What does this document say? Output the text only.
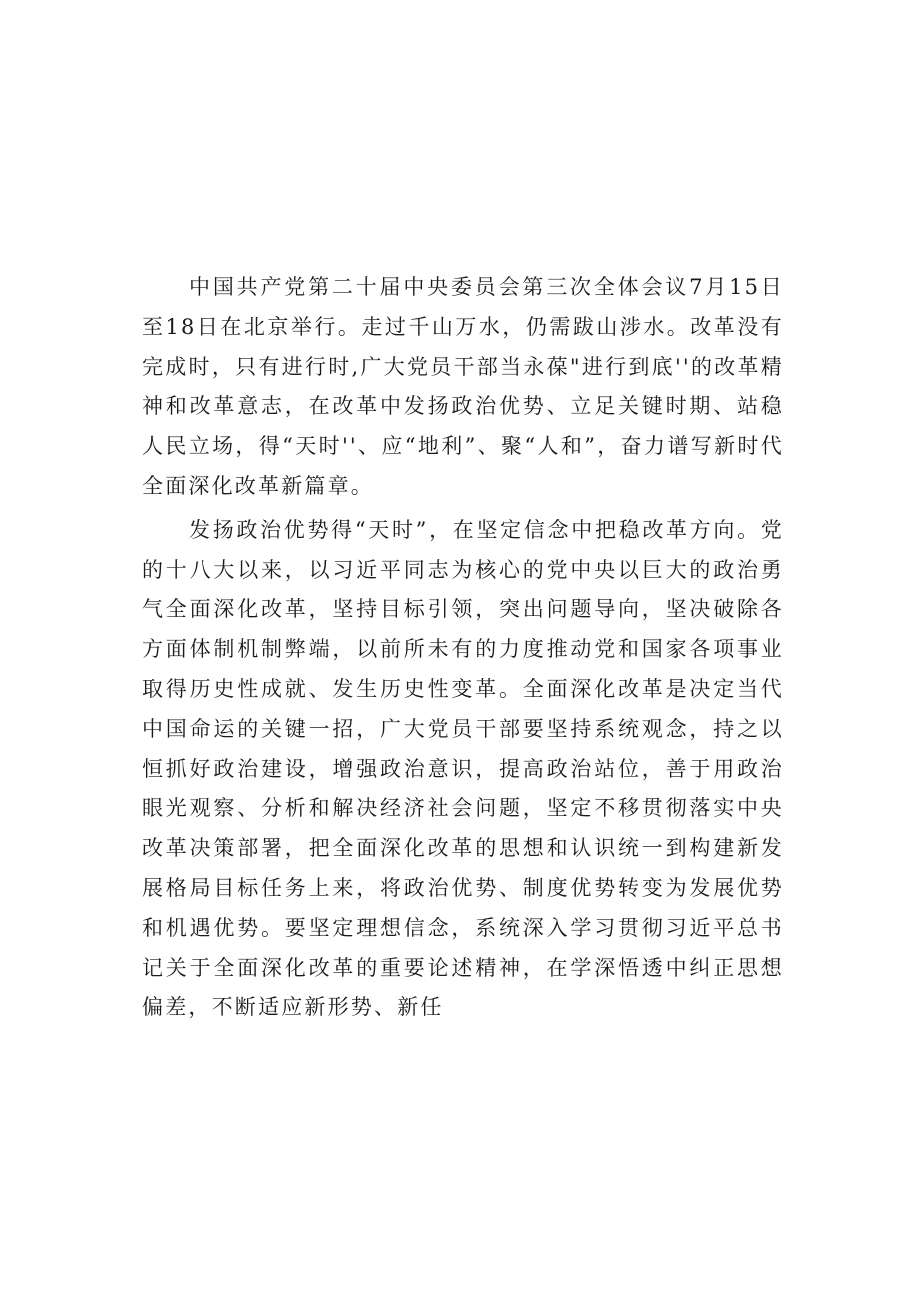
中国共产党第二十届中央委员会第三次全体会议7月15日至18日在北京举行。走过千山万水，仍需跋山涉水。改革没有完成时，只有进行时,广大党员干部当永葆"进行到底''的改革精神和改革意志，在改革中发扬政治优势、立足关键时期、站稳人民立场，得“天时''、应“地利”、聚“人和”，奋力谱写新时代全面深化改革新篇章。

发扬政治优势得“天时”，在坚定信念中把稳改革方向。党的十八大以来，以习近平同志为核心的党中央以巨大的政治勇气全面深化改革，坚持目标引领，突出问题导向，坚决破除各方面体制机制弊端，以前所未有的力度推动党和国家各项事业取得历史性成就、发生历史性变革。全面深化改革是决定当代中国命运的关键一招，广大党员干部要坚持系统观念，持之以恒抓好政治建设，增强政治意识，提高政治站位，善于用政治眼光观察、分析和解决经济社会问题，坚定不移贯彻落实中央改革决策部署，把全面深化改革的思想和认识统一到构建新发展格局目标任务上来，将政治优势、制度优势转变为发展优势和机遇优势。要坚定理想信念，系统深入学习贯彻习近平总书记关于全面深化改革的重要论述精神，在学深悟透中纠正思想偏差，不断适应新形势、新任
